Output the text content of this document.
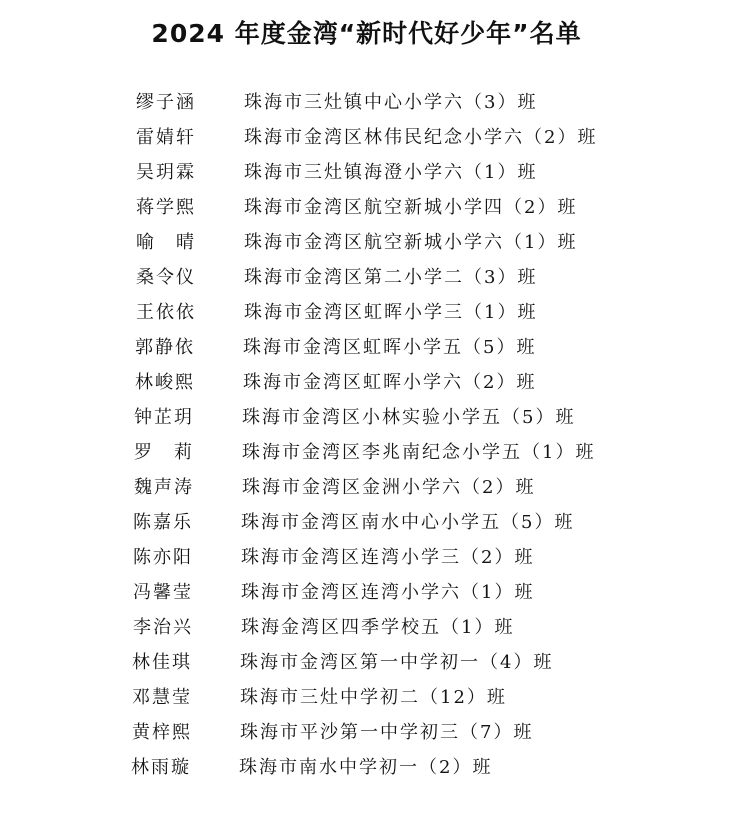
2024 年度金湾“新时代好少年”名单
缪子涵	珠海市三灶镇中心小学六（3）班
雷婧轩	珠海市金湾区林伟民纪念小学六（2）班
吴玥霖	珠海市三灶镇海澄小学六（1）班
蒋学熙	珠海市金湾区航空新城小学四（2）班
喻　晴	珠海市金湾区航空新城小学六（1）班
桑令仪	珠海市金湾区第二小学二（3）班
王依依	珠海市金湾区虹晖小学三（1）班
郭静依	珠海市金湾区虹晖小学五（5）班
林峻熙	珠海市金湾区虹晖小学六（2）班
钟芷玥	珠海市金湾区小林实验小学五（5）班
罗　莉	珠海市金湾区李兆南纪念小学五（1）班
魏声涛	珠海市金湾区金洲小学六（2）班
陈嘉乐	珠海市金湾区南水中心小学五（5）班
陈亦阳	珠海市金湾区连湾小学三（2）班
冯馨莹	珠海市金湾区连湾小学六（1）班
李治兴	珠海金湾区四季学校五（1）班
林佳琪	珠海市金湾区第一中学初一（4）班
邓慧莹	珠海市三灶中学初二（12）班
黄梓熙	珠海市平沙第一中学初三（7）班
林雨璇	珠海市南水中学初一（2）班
